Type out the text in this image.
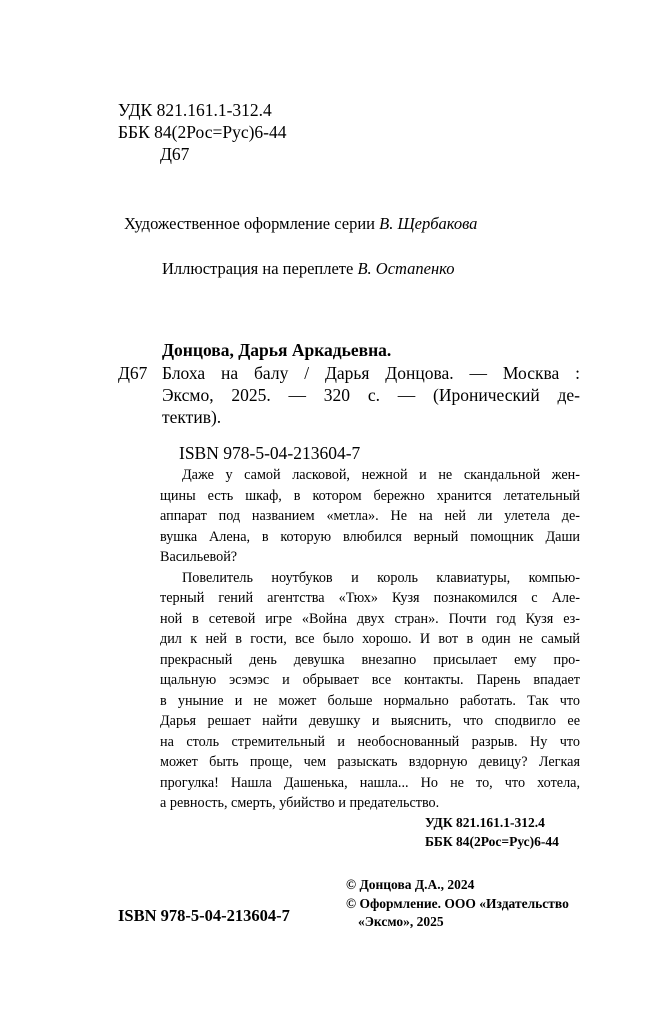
УДК 821.161.1-312.4
ББК 84(2Рос=Рус)6-44
Д67
Художественное оформление серии В. Щербакова
Иллюстрация на переплете В. Остапенко
Донцова, Дарья Аркадьевна.
Д67 Блоха на балу / Дарья Донцова. — Москва :
Эксмо, 2025. — 320 с. — (Иронический де-
тектив).
ISBN 978-5-04-213604-7
Даже у самой ласковой, нежной и не скандальной жен-
щины есть шкаф, в котором бережно хранится летательный
аппарат под названием «метла». Не на ней ли улетела де-
вушка Алена, в которую влюбился верный помощник Даши
Васильевой?
Повелитель ноутбуков и король клавиатуры, компью-
терный гений агентства «Тюх» Кузя познакомился с Але-
ной в сетевой игре «Война двух стран». Почти год Кузя ез-
дил к ней в гости, все было хорошо. И вот в один не самый
прекрасный день девушка внезапно присылает ему про-
щальную эсэмэс и обрывает все контакты. Парень впадает
в уныние и не может больше нормально работать. Так что
Дарья решает найти девушку и выяснить, что сподвигло ее
на столь стремительный и необоснованный разрыв. Ну что
может быть проще, чем разыскать вздорную девицу? Легкая
прогулка! Нашла Дашенька, нашла... Но не то, что хотела,
а ревность, смерть, убийство и предательство.
УДК 821.161.1-312.4
ББК 84(2Рос=Рус)6-44
ISBN 978-5-04-213604-7
© Донцова Д.А., 2024
© Оформление. ООО «Издательство
«Эксмо», 2025
